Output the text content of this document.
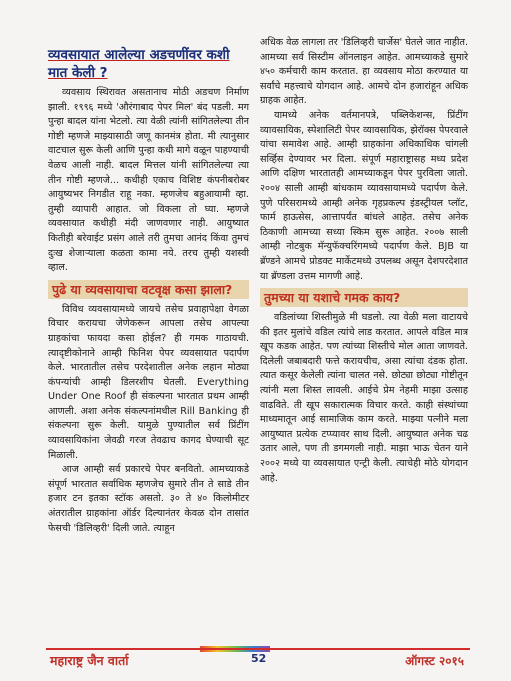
व्यवसायात आलेल्या अडचणींवर कशी मात केली ?

व्यवसाय स्थिरावत असतानाच मोठी अडचण निर्माण झाली. १९९६ मध्ये 'औरंगाबाद पेपर मिल' बंद पडली. मग पुन्हा बादल यांना भेटलो. त्या वेळी त्यांनी सांगितलेल्या तीन गोष्टी म्हणजे माझ्यासाठी जणू कानमंत्र होता. मी त्यानुसार वाटचाल सुरू केली आणि पुन्हा कधी मागे वळून पाहण्याची वेळच आली नाही. बादल मित्तल यांनी सांगितलेल्या त्या तीन गोष्टी म्हणजे... कधीही एकाच विशिष्ट कंपनीबरोबर आयुष्यभर निगडीत राहू नका. म्हणजेच बहुआयामी व्हा. तुम्ही व्यापारी आहात. जो विकला तो घ्या. म्हणजे व्यवसायात कधीही मंदी जाणवणार नाही. आयुष्यात कितीही बरेवाईट प्रसंग आले तरी तुमचा आनंद किंवा तुमचं दुःख शेजाऱ्याला कळता कामा नये. तरच तुम्ही यशस्वी व्हाल.

पुढे या व्यवसायाचा वटवृक्ष कसा झाला?

विविध व्यवसायामध्ये जायचे तसेच प्रवाहापेक्षा वेगळा विचार करायचा जेणेकरून आपला तसेच आपल्या ग्राहकांचा फायदा कसा होईल? ही गमक गाठायची. त्यादृष्टीकोनाने आम्ही फिनिश पेपर व्यवसायात पदार्पण केले. भारतातील तसेच परदेशातील अनेक लहान मोठ्या कंपन्यांची आम्ही डिलरशीप घेतली. Everything Under One Roof ही संकल्पना भारतात प्रथम आम्ही आणली. अशा अनेक संकल्पनांमधील Rill Banking ही संकल्पना सुरू केली. यामुळे पुण्यातील सर्व प्रिंटींग व्यावसायिकांना जेवढी गरज तेवढाच कागद घेण्याची सूट मिळाली.

आज आम्ही सर्व प्रकारचे पेपर बनवितो. आमच्याकडे संपूर्ण भारतात सर्वाधिक म्हणजेच सुमारे तीन ते साडे तीन हजार टन इतका स्टॉक असतो. ३० ते ४० किलोमीटर अंतरातील ग्राहकांना ऑर्डर दिल्यानंतर केवळ दोन तासांत फेसची 'डिलिव्हरी' दिली जाते. त्याहून

अधिक वेळ लागला तर 'डिलिव्हरी चार्जेस' घेतले जात नाहीत. आमच्या सर्व सिस्टीम ऑनलाइन आहेत. आमच्याकडे सुमारे ४५० कर्मचारी काम करतात. हा व्यवसाय मोठा करण्यात या सर्वांचे महत्त्वाचे योगदान आहे. आमचे दोन हजारांहून अधिक ग्राहक आहेत.

यामध्ये अनेक वर्तमानपत्रे, पब्लिकेशन्स, प्रिंटींग व्यावसायिक, स्पेशालिटी पेपर व्यावसायिक, झेरॉक्स पेपरवाले यांचा समावेश आहे. आम्ही ग्राहकांना अधिकाधिक चांगली सर्व्हिस देण्यावर भर दिला. संपूर्ण महाराष्ट्रासह मध्य प्रदेश आणि दक्षिण भारतातही आमच्याकडून पेपर पुरविला जातो. २००४ साली आम्ही बांधकाम व्यावसायामध्ये पदार्पण केले. पुणे परिसरामध्ये आम्ही अनेक गृहप्रकल्प इंडस्ट्रीयल प्लॉट, फार्म हाऊसेस, आत्तापर्यंत बांधले आहेत. तसेच अनेक ठिकाणी आमच्या सध्या स्किम सुरू आहेत. २००७ साली आम्ही नोटबुक मॅन्युफॅक्चरिंगमध्ये पदार्पण केले. BJB या ब्रॅण्डने आमचे प्रोडक्ट मार्केटमध्ये उपलब्ध असून देशपरदेशात या ब्रॅण्डला उत्तम मागणी आहे.

तुमच्या या यशाचे गमक काय?

वडिलांच्या शिस्तीमुळे मी घडलो. त्या वेळी मला वाटायचे की इतर मुलांचे वडिल त्यांचे लाड करतात. आपले वडिल मात्र खूप कडक आहेत. पण त्यांच्या शिस्तीचे मोल आता जाणवते. दिलेली जबाबदारी फत्ते करायचीच, असा त्यांचा दंडक होता. त्यात कसूर केलेली त्यांना चालत नसे. छोट्या छोट्या गोष्टीतून त्यांनी मला शिस्त लावली. आईचे प्रेम नेहमी माझा उत्साह वाढविते. ती खूप सकारात्मक विचार करते. काही संस्थांच्या माध्यमातून आई सामाजिक काम करते. माझ्या पत्नीने मला आयुष्यात प्रत्येक टप्प्यावर साथ दिली. आयुष्यात अनेक चढ उतार आले, पण ती डगमगली नाही. माझा भाऊ चेतन याने २००२ मध्ये या व्यवसायात एन्ट्री केली. त्याचेही मोठे योगदान आहे.

महाराष्ट्र जैन वार्ता	52	ऑगस्ट २०१५
